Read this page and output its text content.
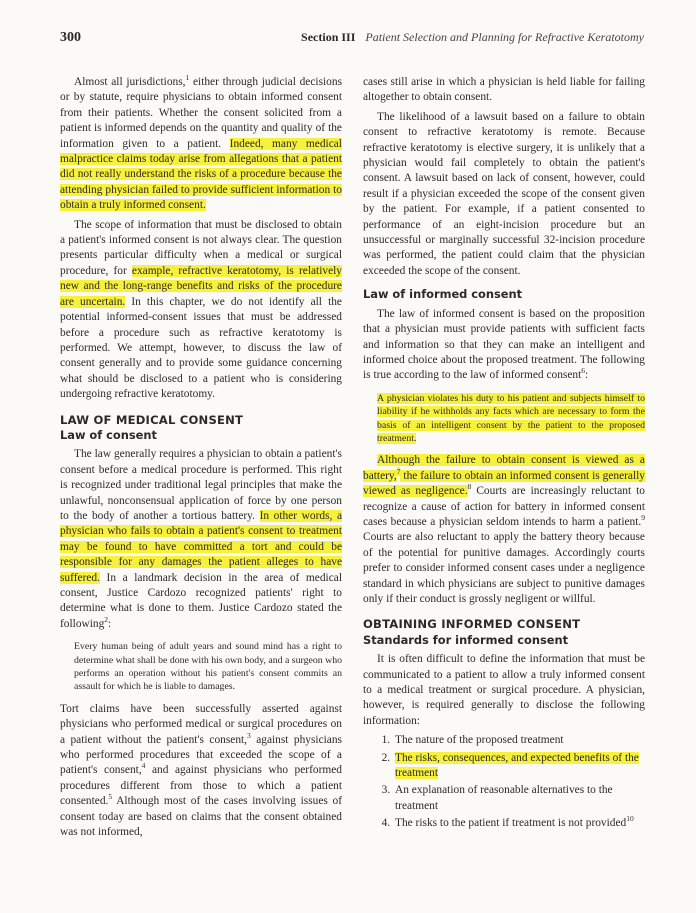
300	Section III Patient Selection and Planning for Refractive Keratotomy

Almost all jurisdictions,$^1$ either through judicial decisions or by statute, require physicians to obtain informed consent from their patients. Whether the consent solicited from a patient is informed depends on the quantity and quality of the information given to a patient. Indeed, many medical malpractice claims today arise from allegations that a patient did not really understand the risks of a procedure because the attending physician failed to provide sufficient information to obtain a truly informed consent.

The scope of information that must be disclosed to obtain a patient's informed consent is not always clear. The question presents particular difficulty when a medical or surgical procedure, for example, refractive keratotomy, is relatively new and the long-range benefits and risks of the procedure are uncertain. In this chapter, we do not identify all the potential informed-consent issues that must be addressed before a procedure such as refractive keratotomy is performed. We attempt, however, to discuss the law of consent generally and to provide some guidance concerning what should be disclosed to a patient who is considering undergoing refractive keratotomy.

LAW OF MEDICAL CONSENT
Law of consent

The law generally requires a physician to obtain a patient's consent before a medical procedure is performed. This right is recognized under traditional legal principles that make the unlawful, nonconsensual application of force by one person to the body of another a tortious battery. In other words, a physician who fails to obtain a patient's consent to treatment may be found to have committed a tort and could be responsible for any damages the patient alleges to have suffered. In a landmark decision in the area of medical consent, Justice Cardozo recognized patients' right to determine what is done to them. Justice Cardozo stated the following$^2$:

Every human being of adult years and sound mind has a right to determine what shall be done with his own body, and a surgeon who performs an operation without his patient's consent commits an assault for which he is liable to damages.

Tort claims have been successfully asserted against physicians who performed medical or surgical procedures on a patient without the patient's consent,$^3$ against physicians who performed procedures that exceeded the scope of a patient's consent,$^4$ and against physicians who performed procedures different from those to which a patient consented.$^5$ Although most of the cases involving issues of consent today are based on claims that the consent obtained was not informed,

cases still arise in which a physician is held liable for failing altogether to obtain consent.

The likelihood of a lawsuit based on a failure to obtain consent to refractive keratotomy is remote. Because refractive keratotomy is elective surgery, it is unlikely that a physician would fail completely to obtain the patient's consent. A lawsuit based on lack of consent, however, could result if a physician exceeded the scope of the consent given by the patient. For example, if a patient consented to performance of an eight-incision procedure but an unsuccessful or marginally successful 32-incision procedure was performed, the patient could claim that the physician exceeded the scope of the consent.

Law of informed consent

The law of informed consent is based on the proposition that a physician must provide patients with sufficient facts and information so that they can make an intelligent and informed choice about the proposed treatment. The following is true according to the law of informed consent$^6$:

A physician violates his duty to his patient and subjects himself to liability if he withholds any facts which are necessary to form the basis of an intelligent consent by the patient to the proposed treatment.

Although the failure to obtain consent is viewed as a battery,$^7$ the failure to obtain an informed consent is generally viewed as negligence.$^8$ Courts are increasingly reluctant to recognize a cause of action for battery in informed consent cases because a physician seldom intends to harm a patient.$^9$ Courts are also reluctant to apply the battery theory because of the potential for punitive damages. Accordingly courts prefer to consider informed consent cases under a negligence standard in which physicians are subject to punitive damages only if their conduct is grossly negligent or willful.

OBTAINING INFORMED CONSENT
Standards for informed consent

It is often difficult to define the information that must be communicated to a patient to allow a truly informed consent to a medical treatment or surgical procedure. A physician, however, is required generally to disclose the following information:

1. The nature of the proposed treatment
2. The risks, consequences, and expected benefits of the treatment
3. An explanation of reasonable alternatives to the treatment
4. The risks to the patient if treatment is not provided$^{10}$
